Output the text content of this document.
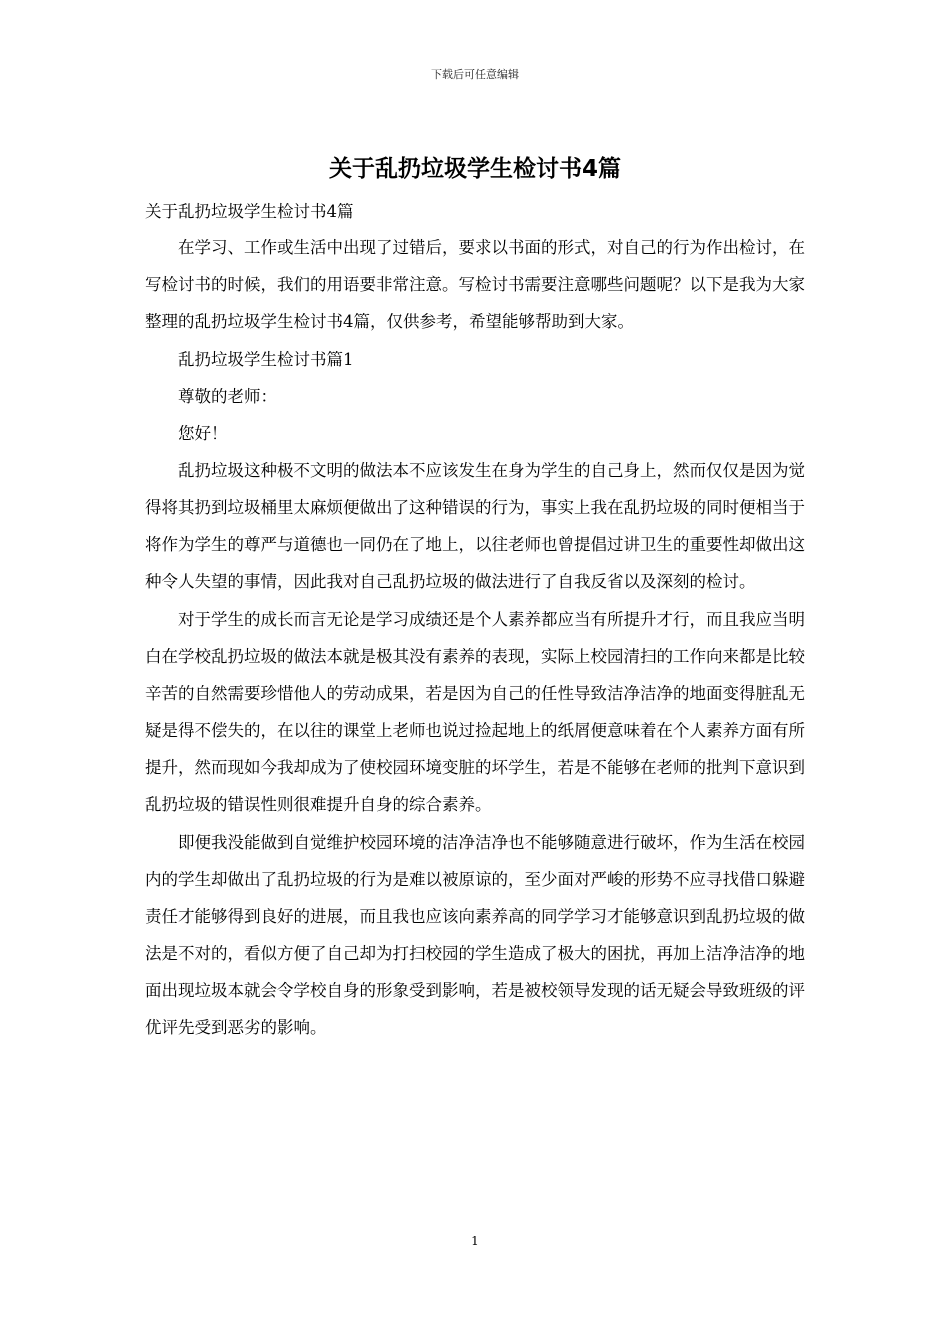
下载后可任意编辑
关于乱扔垃圾学生检讨书4篇

关于乱扔垃圾学生检讨书4篇

在学习、工作或生活中出现了过错后，要求以书面的形式，对自己的行为作出检讨，在写检讨书的时候，我们的用语要非常注意。写检讨书需要注意哪些问题呢？以下是我为大家整理的乱扔垃圾学生检讨书4篇，仅供参考，希望能够帮助到大家。

乱扔垃圾学生检讨书篇1

尊敬的老师：

您好！

乱扔垃圾这种极不文明的做法本不应该发生在身为学生的自己身上，然而仅仅是因为觉得将其扔到垃圾桶里太麻烦便做出了这种错误的行为，事实上我在乱扔垃圾的同时便相当于将作为学生的尊严与道德也一同仍在了地上，以往老师也曾提倡过讲卫生的重要性却做出这种令人失望的事情，因此我对自己乱扔垃圾的做法进行了自我反省以及深刻的检讨。

对于学生的成长而言无论是学习成绩还是个人素养都应当有所提升才行，而且我应当明白在学校乱扔垃圾的做法本就是极其没有素养的表现，实际上校园清扫的工作向来都是比较辛苦的自然需要珍惜他人的劳动成果，若是因为自己的任性导致洁净洁净的地面变得脏乱无疑是得不偿失的，在以往的课堂上老师也说过捡起地上的纸屑便意味着在个人素养方面有所提升，然而现如今我却成为了使校园环境变脏的坏学生，若是不能够在老师的批判下意识到乱扔垃圾的错误性则很难提升自身的综合素养。

即便我没能做到自觉维护校园环境的洁净洁净也不能够随意进行破坏，作为生活在校园内的学生却做出了乱扔垃圾的行为是难以被原谅的，至少面对严峻的形势不应寻找借口躲避责任才能够得到良好的进展，而且我也应该向素养高的同学学习才能够意识到乱扔垃圾的做法是不对的，看似方便了自己却为打扫校园的学生造成了极大的困扰，再加上洁净洁净的地面出现垃圾本就会令学校自身的形象受到影响，若是被校领导发现的话无疑会导致班级的评优评先受到恶劣的影响。

1
